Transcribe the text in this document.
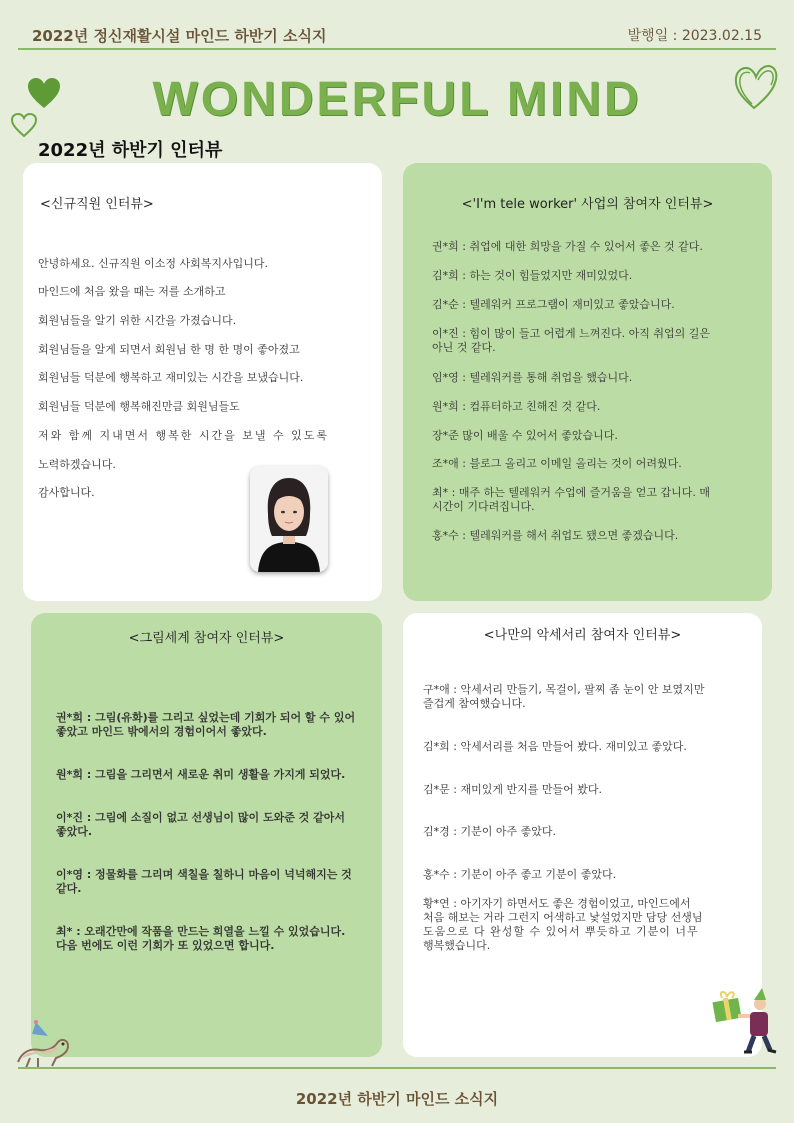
2022년 정신재활시설 마인드 하반기 소식지	발행일 : 2023.02.15
WONDERFUL MIND
2022년 하반기 인터뷰
<신규직원 인터뷰>
안녕하세요. 신규직원 이소정 사회복지사입니다.
마인드에 처음 왔을 때는 저를 소개하고
회원님들을 알기 위한 시간을 가졌습니다.
회원님들을 알게 되면서 회원님 한 명 한 명이 좋아졌고
회원님들 덕분에 행복하고 재미있는 시간을 보냈습니다.
회원님들 덕분에 행복해진만큼 회원님들도
저와 함께 지내면서 행복한 시간을 보낼 수 있도록
노력하겠습니다.
감사합니다.
<'I'm tele worker' 사업의 참여자 인터뷰>
권*희 : 취업에 대한 희망을 가질 수 있어서 좋은 것 같다.
김*희 : 하는 것이 힘들었지만 재미있었다.
김*순 : 텔레워커 프로그램이 재미있고 좋았습니다.
이*진 : 힘이 많이 들고 어렵게 느껴진다. 아직 취업의 길은
아닌 것 같다.
임*영 : 텔레워커를 통해 취업을 했습니다.
원*희 : 컴퓨터하고 친해진 것 같다.
장*준 많이 배울 수 있어서 좋았습니다.
조*애 : 블로그 올리고 이메일 올리는 것이 어려웠다.
최* : 매주 하는 텔레워커 수업에 즐거움을 얻고 갑니다. 매
시간이 기다려집니다.
홍*수 : 텔레워커를 해서 취업도 됐으면 좋겠습니다.
<그림세계 참여자 인터뷰>
권*희 : 그림(유화)를 그리고 싶었는데 기회가 되어 할 수 있어
좋았고 마인드 밖에서의 경험이어서 좋았다.
원*희 : 그림을 그리면서 새로운 취미 생활을 가지게 되었다.
이*진 : 그림에 소질이 없고 선생님이 많이 도와준 것 같아서
좋았다.
이*영 : 정물화를 그리며 색칠을 칠하니 마음이 넉넉해지는 것
같다.
최* : 오래간만에 작품을 만드는 희열을 느낄 수 있었습니다.
다음 번에도 이런 기회가 또 있었으면 합니다.
<나만의 악세서리 참여자 인터뷰>
구*애 : 악세서리 만들기, 목걸이, 팔찌 좀 눈이 안 보였지만
즐겁게 참여했습니다.
김*희 : 악세서리를 처음 만들어 봤다. 재미있고 좋았다.
김*문 : 재미있게 반지를 만들어 봤다.
김*경 : 기분이 아주 좋았다.
홍*수 : 기분이 아주 좋고 기분이 좋았다.
황*연 : 아기자기 하면서도 좋은 경험이었고, 마인드에서
처음 해보는 거라 그런지 어색하고 낯설었지만 담당 선생님
도움으로 다 완성할 수 있어서 뿌듯하고 기분이 너무
행복했습니다.
2022년 하반기 마인드 소식지
